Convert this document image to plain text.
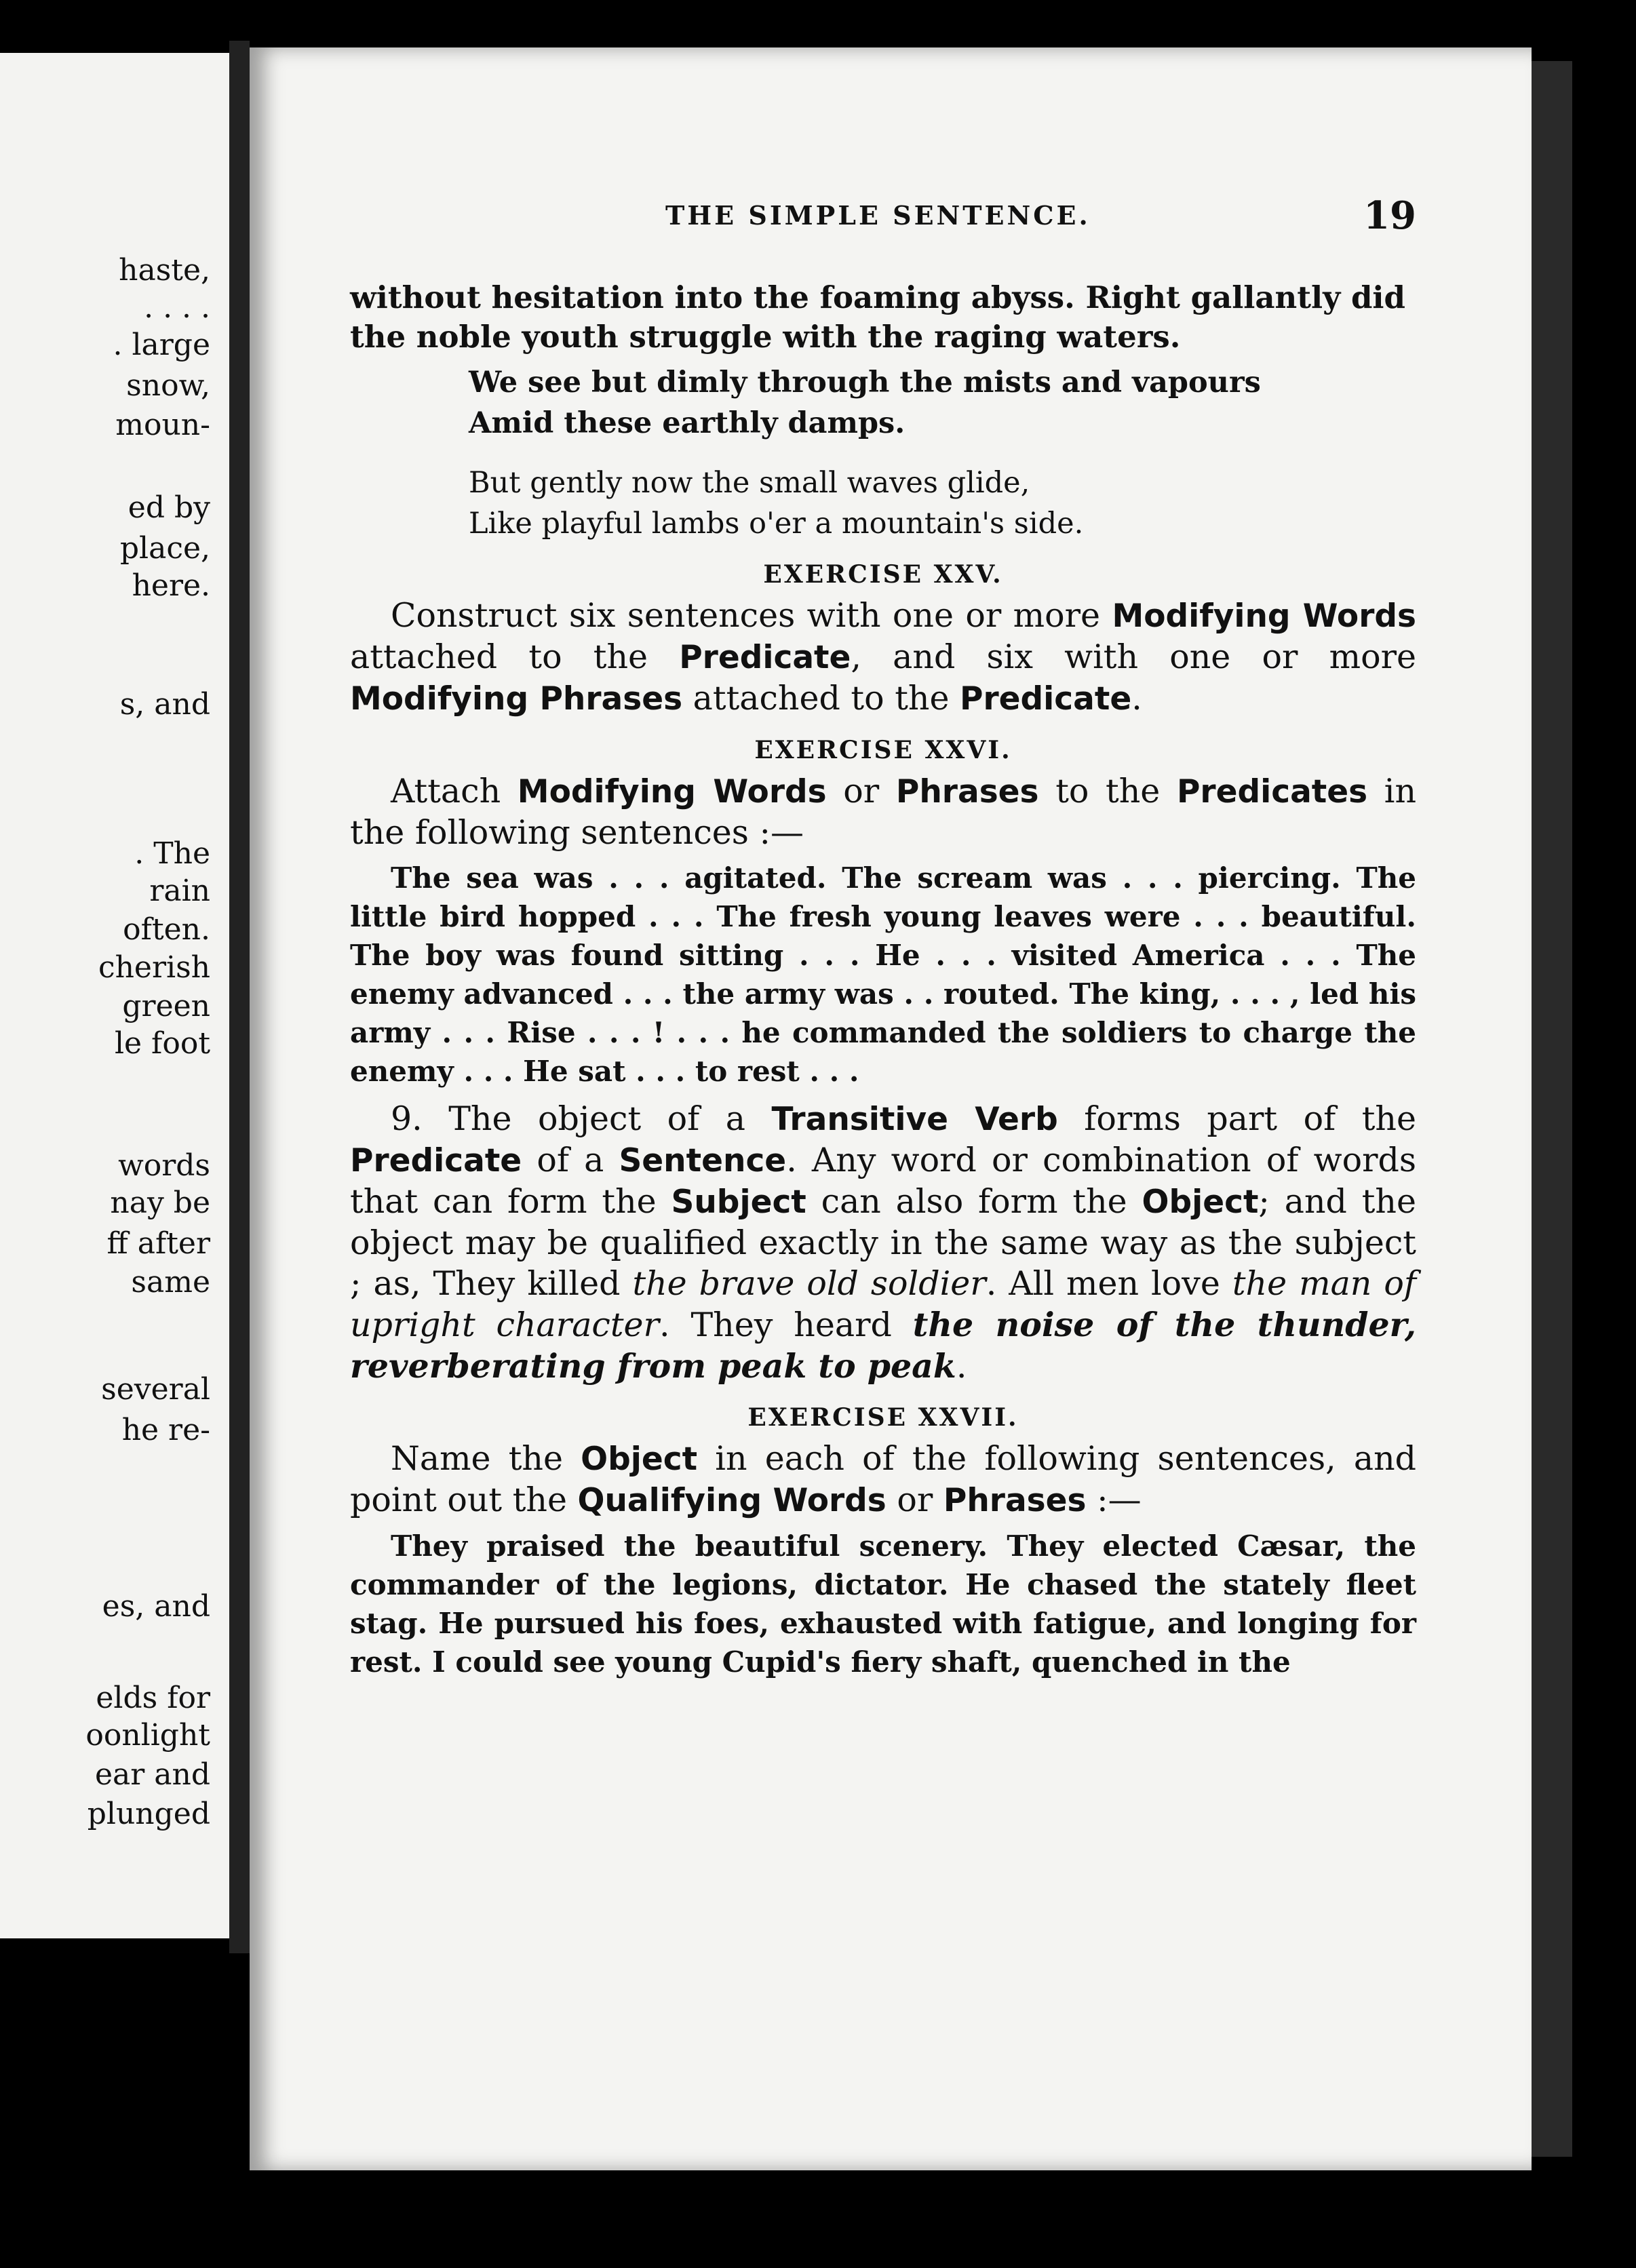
haste,
. . . .
. large
snow,
moun-
ed by
place,
here.
s, and
. The
rain
often.
cherish
green
le foot
words
nay be
ff after
same
several
he re-
es, and
elds for
oonlight
ear and
plunged
THE SIMPLE SENTENCE.	19
without hesitation into the foaming abyss. Right gallantly did
the noble youth struggle with the raging waters.
We see but dimly through the mists and vapours
Amid these earthly damps.
But gently now the small waves glide,
Like playful lambs o'er a mountain's side.
EXERCISE XXV.
Construct six sentences with one or more Modifying Words attached to the Predicate, and six with one or more Modifying Phrases attached to the Predicate.
EXERCISE XXVI.
Attach Modifying Words or Phrases to the Predicates in the following sentences :—
The sea was . . . agitated. The scream was . . . piercing. The little bird hopped . . . The fresh young leaves were . . . beautiful. The boy was found sitting . . . He . . . visited America . . . The enemy advanced . . . the army was . . routed. The king, . . . , led his army . . . Rise . . . ! . . . he commanded the soldiers to charge the enemy . . . He sat . . . to rest . . .
9. The object of a Transitive Verb forms part of the Predicate of a Sentence. Any word or combination of words that can form the Subject can also form the Object; and the object may be qualified exactly in the same way as the subject ; as, They killed the brave old soldier. All men love the man of upright character. They heard the noise of the thunder, reverberating from peak to peak.
EXERCISE XXVII.
Name the Object in each of the following sentences, and point out the Qualifying Words or Phrases :—
They praised the beautiful scenery. They elected Cæsar, the commander of the legions, dictator. He chased the stately fleet stag. He pursued his foes, exhausted with fatigue, and longing for rest. I could see young Cupid's fiery shaft, quenched in the
